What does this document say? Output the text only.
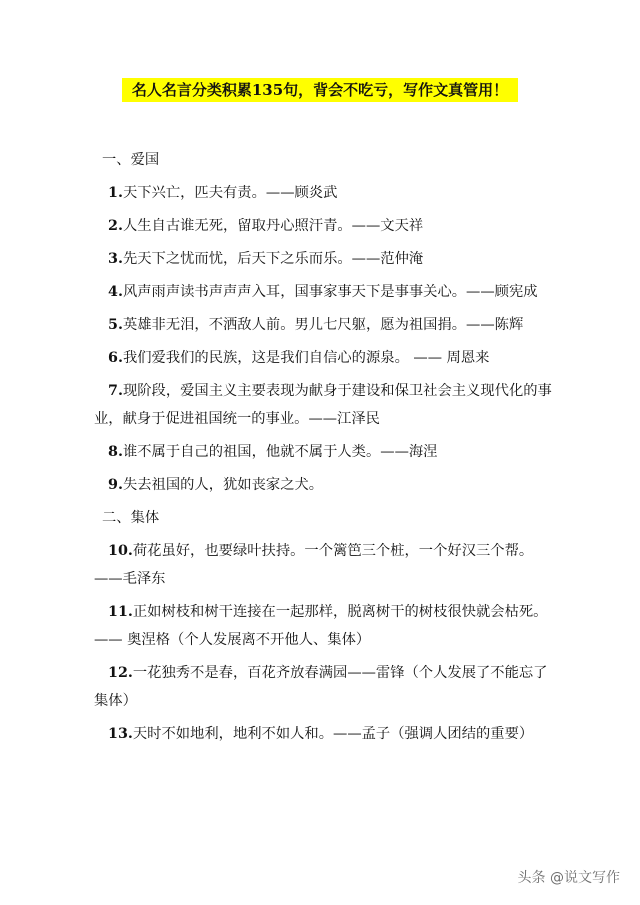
名人名言分类积累135句，背会不吃亏，写作文真管用！
一、爱国
1.天下兴亡，匹夫有责。——顾炎武
2.人生自古谁无死，留取丹心照汗青。——文天祥
3.先天下之忧而忧，后天下之乐而乐。——范仲淹
4.风声雨声读书声声声入耳，国事家事天下是事事关心。——顾宪成
5.英雄非无泪，不洒敌人前。男儿七尺躯，愿为祖国捐。——陈辉
6.我们爱我们的民族，这是我们自信心的源泉。 —— 周恩来
7.现阶段，爱国主义主要表现为献身于建设和保卫社会主义现代化的事业，献身于促进祖国统一的事业。——江泽民
8.谁不属于自己的祖国，他就不属于人类。——海涅
9.失去祖国的人，犹如丧家之犬。
二、集体
10.荷花虽好，也要绿叶扶持。一个篱笆三个桩，一个好汉三个帮。——毛泽东
11.正如树枝和树干连接在一起那样，脱离树干的树枝很快就会枯死。 —— 奥涅格（个人发展离不开他人、集体）
12.一花独秀不是春，百花齐放春满园——雷锋（个人发展了不能忘了集体）
13.天时不如地利，地利不如人和。——孟子（强调人团结的重要）
头条 @说文写作
